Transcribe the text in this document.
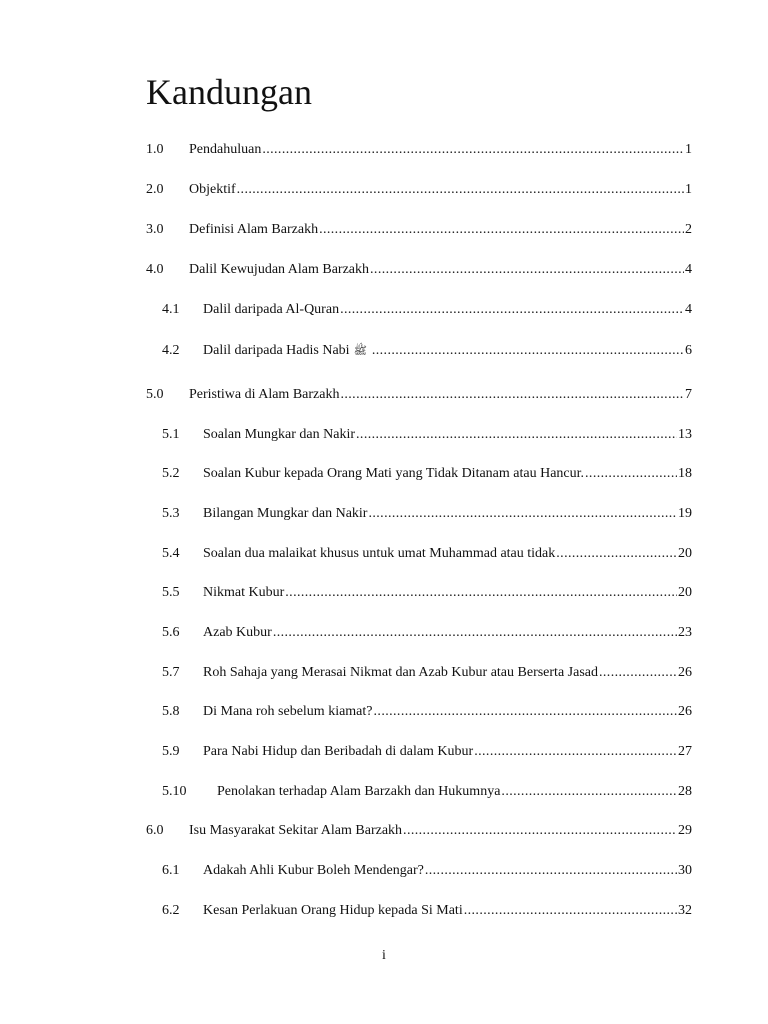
Kandungan
1.0 Pendahuluan .....	1
2.0 Objektif .....	1
3.0 Definisi Alam Barzakh .....	2
4.0 Dalil Kewujudan Alam Barzakh .....	4
4.1 Dalil daripada Al-Quran .....	4
4.2 Dalil daripada Hadis Nabi ﷺ .....	6
5.0 Peristiwa di Alam Barzakh .....	7
5.1 Soalan Mungkar dan Nakir .....	13
5.2 Soalan Kubur kepada Orang Mati yang Tidak Ditanam atau Hancur. .....	18
5.3 Bilangan Mungkar dan Nakir .....	19
5.4 Soalan dua malaikat khusus untuk umat Muhammad atau tidak .....	20
5.5 Nikmat Kubur .....	20
5.6 Azab Kubur .....	23
5.7 Roh Sahaja yang Merasai Nikmat dan Azab Kubur atau Berserta Jasad .....	26
5.8 Di Mana roh sebelum kiamat? .....	26
5.9 Para Nabi Hidup dan Beribadah di dalam Kubur .....	27
5.10 Penolakan terhadap Alam Barzakh dan Hukumnya .....	28
6.0 Isu Masyarakat Sekitar Alam Barzakh .....	29
6.1 Adakah Ahli Kubur Boleh Mendengar? .....	30
6.2 Kesan Perlakuan Orang Hidup kepada Si Mati .....	32
i
